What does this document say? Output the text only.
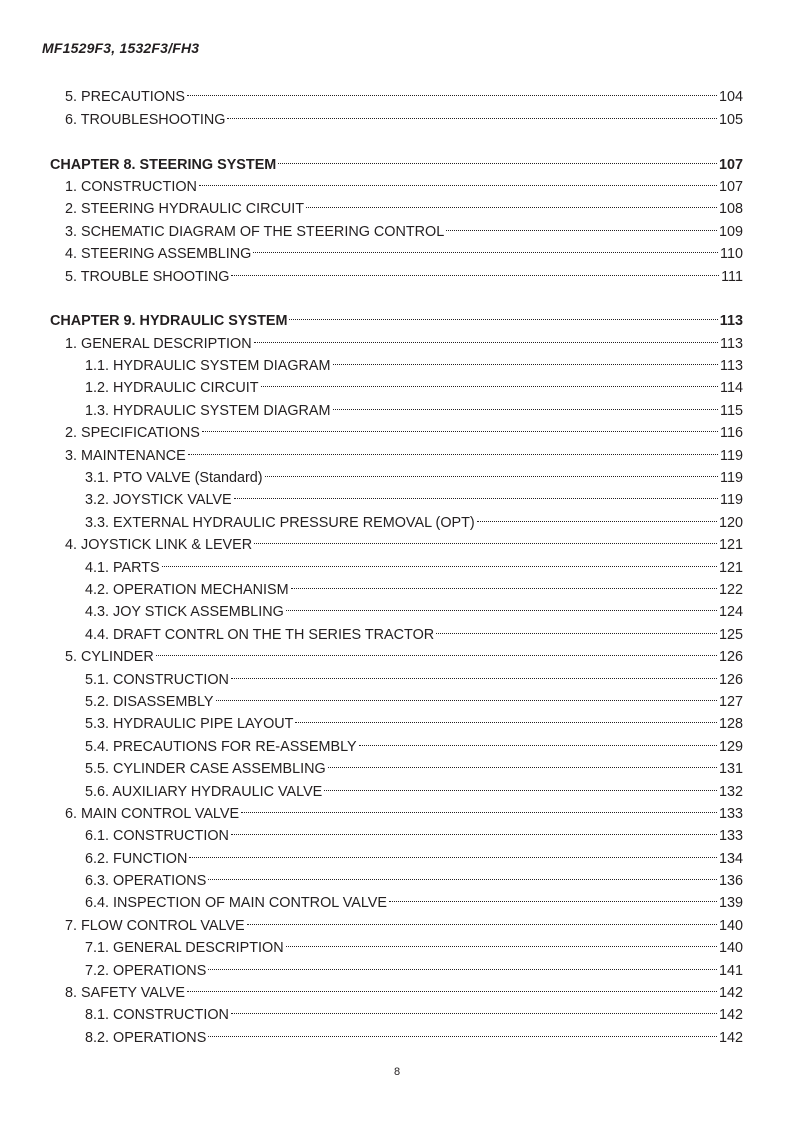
MF1529F3, 1532F3/FH3
5. PRECAUTIONS	104
6. TROUBLESHOOTING	105
CHAPTER 8. STEERING SYSTEM	107
1. CONSTRUCTION	107
2. STEERING HYDRAULIC CIRCUIT	108
3. SCHEMATIC DIAGRAM OF THE STEERING CONTROL	109
4. STEERING ASSEMBLING	110
5. TROUBLE SHOOTING	111
CHAPTER 9. HYDRAULIC SYSTEM	113
1. GENERAL DESCRIPTION	113
1.1. HYDRAULIC SYSTEM DIAGRAM	113
1.2. HYDRAULIC CIRCUIT	114
1.3. HYDRAULIC SYSTEM DIAGRAM	115
2. SPECIFICATIONS	116
3. MAINTENANCE	119
3.1. PTO VALVE (Standard)	119
3.2. JOYSTICK VALVE	119
3.3. EXTERNAL HYDRAULIC PRESSURE REMOVAL (OPT)	120
4. JOYSTICK LINK & LEVER	121
4.1. PARTS	121
4.2. OPERATION MECHANISM	122
4.3. JOY STICK ASSEMBLING	124
4.4. DRAFT CONTRL ON THE TH SERIES TRACTOR	125
5. CYLINDER	126
5.1. CONSTRUCTION	126
5.2. DISASSEMBLY	127
5.3. HYDRAULIC PIPE LAYOUT	128
5.4. PRECAUTIONS FOR RE-ASSEMBLY	129
5.5. CYLINDER CASE ASSEMBLING	131
5.6. AUXILIARY HYDRAULIC VALVE	132
6. MAIN CONTROL VALVE	133
6.1. CONSTRUCTION	133
6.2. FUNCTION	134
6.3. OPERATIONS	136
6.4. INSPECTION OF MAIN CONTROL VALVE	139
7. FLOW CONTROL VALVE	140
7.1. GENERAL DESCRIPTION	140
7.2. OPERATIONS	141
8. SAFETY VALVE	142
8.1. CONSTRUCTION	142
8.2. OPERATIONS	142
8
